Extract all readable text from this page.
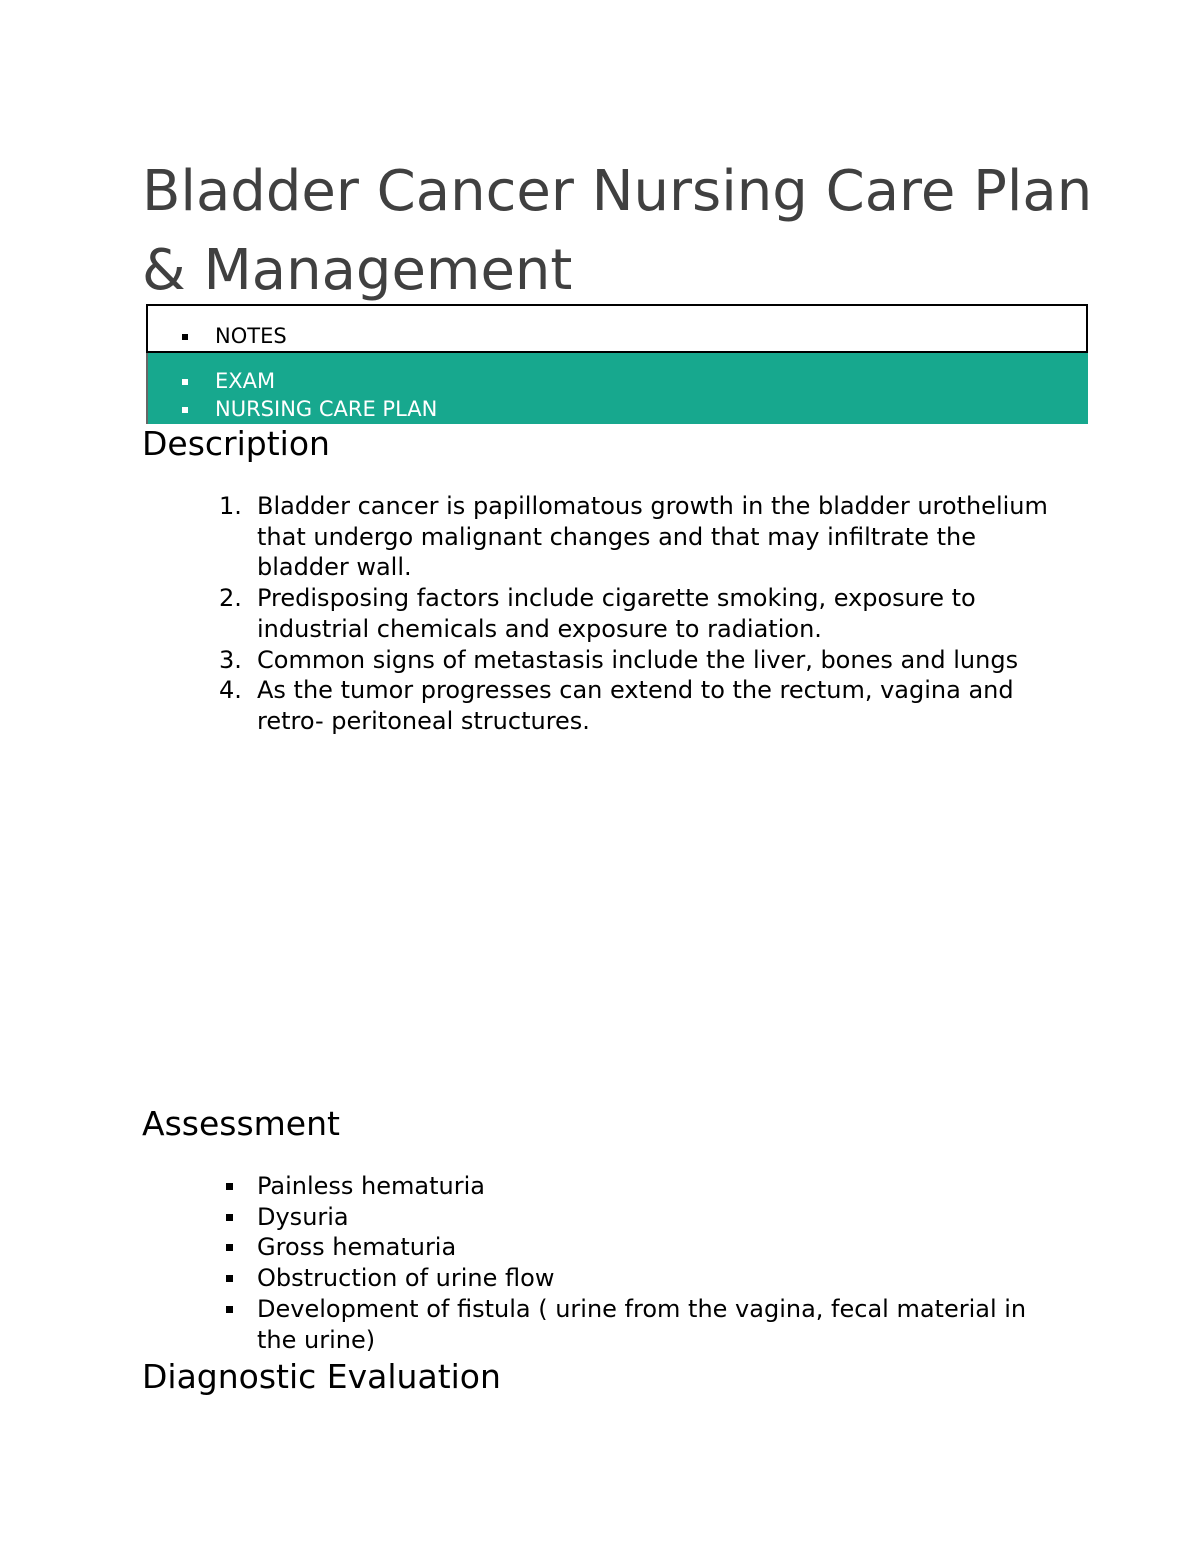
Bladder Cancer Nursing Care Plan & Management
NOTES
EXAM
NURSING CARE PLAN
Description
1. Bladder cancer is papillomatous growth in the bladder urothelium that undergo malignant changes and that may infiltrate the bladder wall.
2. Predisposing factors include cigarette smoking, exposure to industrial chemicals and exposure to radiation.
3. Common signs of metastasis include the liver, bones and lungs
4. As the tumor progresses can extend to the rectum, vagina and retro- peritoneal structures.
Assessment
Painless hematuria
Dysuria
Gross hematuria
Obstruction of urine flow
Development of fistula ( urine from the vagina, fecal material in the urine)
Diagnostic Evaluation
